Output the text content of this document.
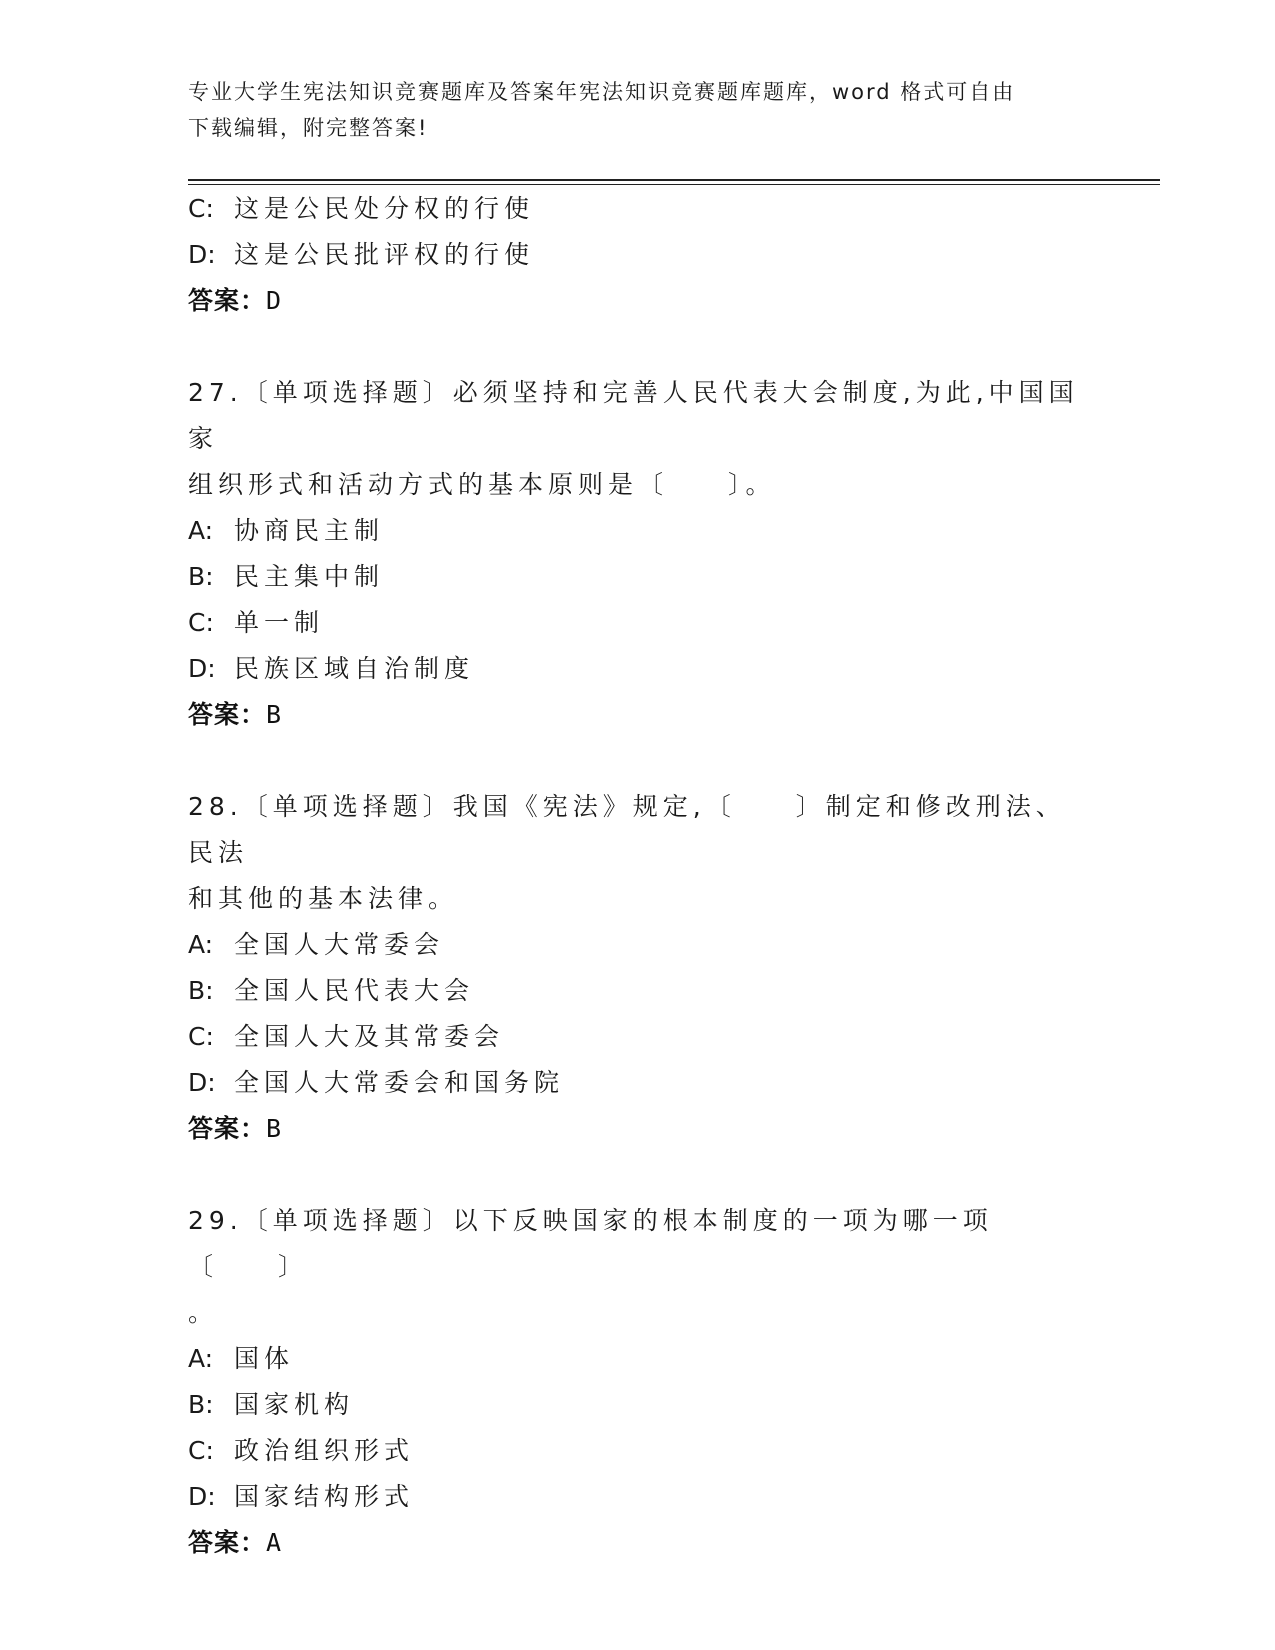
专业大学生宪法知识竞赛题库及答案年宪法知识竞赛题库题库，word 格式可自由
下载编辑，附完整答案!
C: 这是公民处分权的行使
D: 这是公民批评权的行使
答案：D
27.〔单项选择题〕必须坚持和完善人民代表大会制度,为此,中国国家
组织形式和活动方式的基本原则是〔　　〕。
A: 协商民主制
B: 民主集中制
C: 单一制
D: 民族区域自治制度
答案：B
28.〔单项选择题〕我国《宪法》规定,〔　　〕制定和修改刑法、民法
和其他的基本法律。
A: 全国人大常委会
B: 全国人民代表大会
C: 全国人大及其常委会
D: 全国人大常委会和国务院
答案：B
29.〔单项选择题〕以下反映国家的根本制度的一项为哪一项〔　　〕
。
A: 国体
B: 国家机构
C: 政治组织形式
D: 国家结构形式
答案：A
